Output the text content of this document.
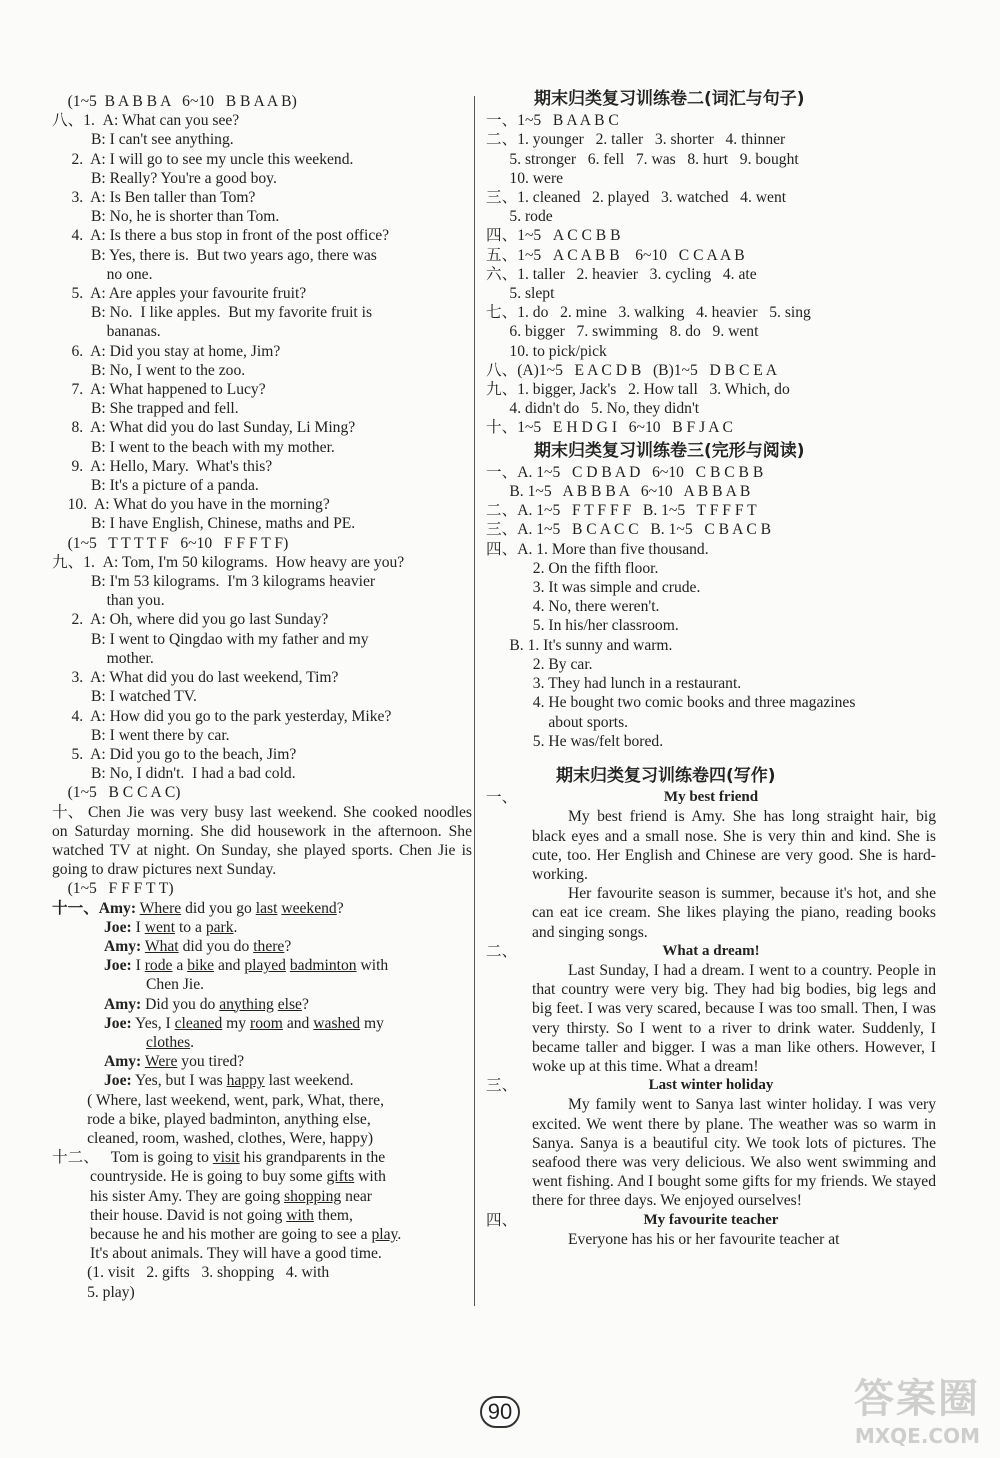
(1~5  B A B B A   6~10   B B A A B)
八、1.  A: What can you see?
B: I can't see anything.
2.  A: I will go to see my uncle this weekend.
B: Really? You're a good boy.
3.  A: Is Ben taller than Tom?
B: No, he is shorter than Tom.
4.  A: Is there a bus stop in front of the post office?
B: Yes, there is.  But two years ago, there was
no one.
5.  A: Are apples your favourite fruit?
B: No.  I like apples.  But my favorite fruit is
bananas.
6.  A: Did you stay at home, Jim?
B: No, I went to the zoo.
7.  A: What happened to Lucy?
B: She trapped and fell.
8.  A: What did you do last Sunday, Li Ming?
B: I went to the beach with my mother.
9.  A: Hello, Mary.  What's this?
B: It's a picture of a panda.
10.  A: What do you have in the morning?
B: I have English, Chinese, maths and PE.
(1~5   T T T T F   6~10   F F F T F)
九、1.  A: Tom, I'm 50 kilograms.  How heavy are you?
B: I'm 53 kilograms.  I'm 3 kilograms heavier
than you.
2.  A: Oh, where did you go last Sunday?
B: I went to Qingdao with my father and my
mother.
3.  A: What did you do last weekend, Tim?
B: I watched TV.
4.  A: How did you go to the park yesterday, Mike?
B: I went there by car.
5.  A: Did you go to the beach, Jim?
B: No, I didn't.  I had a bad cold.
(1~5   B C C A C)
十、 Chen Jie was very busy last weekend. She cooked noodles on Saturday morning. She did housework in the afternoon. She watched TV at night. On Sunday, she played sports. Chen Jie is going to draw pictures next Sunday.
(1~5   F F F T T)
十一、Amy: Where did you go last weekend?
Joe: I went to a park.
Amy: What did you do there?
Joe: I rode a bike and played badminton with
Chen Jie.
Amy: Did you do anything else?
Joe: Yes, I cleaned my room and washed my
clothes.
Amy: Were you tired?
Joe: Yes, but I was happy last weekend.
( Where, last weekend, went, park, What, there,
rode a bike, played badminton, anything else,
cleaned, room, washed, clothes, Were, happy)
十二、 Tom is going to visit his grandparents in the
countryside. He is going to buy some gifts with
his sister Amy. They are going shopping near
their house. David is not going with them,
because he and his mother are going to see a play.
It's about animals. They will have a good time.
(1. visit   2. gifts   3. shopping   4. with
5. play)
期末归类复习训练卷二(词汇与句子)
一、1~5   B A A B C
二、1. younger   2. taller   3. shorter   4. thinner
5. stronger   6. fell   7. was   8. hurt   9. bought
10. were
三、1. cleaned   2. played   3. watched   4. went
5. rode
四、1~5   A C C B B
五、1~5   A C A B B    6~10   C C A A B
六、1. taller   2. heavier   3. cycling   4. ate
5. slept
七、1. do   2. mine   3. walking   4. heavier   5. sing
6. bigger   7. swimming   8. do   9. went
10. to pick/pick
八、(A)1~5   E A C D B   (B)1~5   D B C E A
九、1. bigger, Jack's   2. How tall   3. Which, do
4. didn't do   5. No, they didn't
十、1~5   E H D G I   6~10   B F J A C
期末归类复习训练卷三(完形与阅读)
一、A. 1~5   C D B A D   6~10   C B C B B
B. 1~5   A B B B A   6~10   A B B A B
二、A. 1~5   F T F F F   B. 1~5   T F F F T
三、A. 1~5   B C A C C   B. 1~5   C B A C B
四、A. 1. More than five thousand.
2. On the fifth floor.
3. It was simple and crude.
4. No, there weren't.
5. In his/her classroom.
B. 1. It's sunny and warm.
2. By car.
3. They had lunch in a restaurant.
4. He bought two comic books and three magazines
about sports.
5. He was/felt bored.
期末归类复习训练卷四(写作)
一、	My best friend
My best friend is Amy. She has long straight hair, big black eyes and a small nose. She is very thin and kind. She is cute, too. Her English and Chinese are very good. She is hard-working.
Her favourite season is summer, because it's hot, and she can eat ice cream. She likes playing the piano, reading books and singing songs.
二、	What a dream!
Last Sunday, I had a dream. I went to a country. People in that country were very big. They had big bodies, big legs and big feet. I was very scared, because I was too small. Then, I was very thirsty. So I went to a river to drink water. Suddenly, I became taller and bigger. I was a man like others. However, I woke up at this time. What a dream!
三、	Last winter holiday
My family went to Sanya last winter holiday. I was very excited. We went there by plane. The weather was so warm in Sanya. Sanya is a beautiful city. We took lots of pictures. The seafood there was very delicious. We also went swimming and went fishing. And I bought some gifts for my friends. We stayed there for three days. We enjoyed ourselves!
四、	My favourite teacher
Everyone has his or her favourite teacher at
90	答案圈
MXQE.COM
